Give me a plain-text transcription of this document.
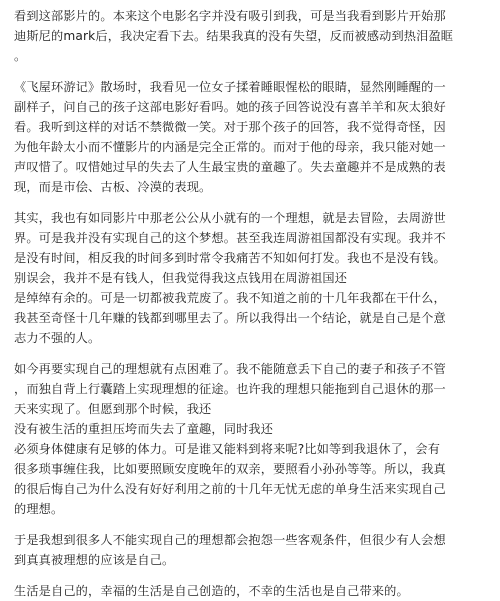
看到这部影片的。本来这个电影名字并没有吸引到我，可是当我看到影片开始那
迪斯尼的mark后，我决定看下去。结果我真的没有失望，反而被感动到热泪盈眶
。
《飞屋环游记》散场时，我看见一位女子揉着睡眼惺松的眼睛，显然刚睡醒的一
副样子，问自己的孩子这部电影好看吗。她的孩子回答说没有喜羊羊和灰太狼好
看。我听到这样的对话不禁微微一笑。对于那个孩子的回答，我不觉得奇怪，因
为他年龄太小而不懂影片的内涵是完全正常的。而对于他的母亲，我只能对她一
声叹惜了。叹惜她过早的失去了人生最宝贵的童趣了。失去童趣并不是成熟的表
现，而是市侩、古板、冷漠的表现。
其实，我也有如同影片中那老公公从小就有的一个理想，就是去冒险，去周游世
界。可是我并没有实现自己的这个梦想。甚至我连周游祖国都没有实现。我并不
是没有时间，相反我的时间多到时常令我痛苦不知如何打发。我也不是没有钱。
别误会，我并不是有钱人，但我觉得我这点钱用在周游祖国还
是绰绰有余的。可是一切都被我荒废了。我不知道之前的十几年我都在干什么，
我甚至奇怪十几年赚的钱都到哪里去了。所以我得出一个结论，就是自己是个意
志力不强的人。
如今再要实现自己的理想就有点困难了。我不能随意丢下自己的妻子和孩子不管
，而独自背上行囊踏上实现理想的征途。也许我的理想只能拖到自己退休的那一
天来实现了。但愿到那个时候，我还
没有被生活的重担压垮而失去了童趣，同时我还
必须身体健康有足够的体力。可是谁又能料到将来呢?比如等到我退休了，会有
很多琐事缠住我，比如要照顾安度晚年的双亲，要照看小孙孙等等。所以，我真
的很后悔自己为什么没有好好利用之前的十几年无忧无虑的单身生活来实现自己
的理想。
于是我想到很多人不能实现自己的理想都会抱怨一些客观条件，但很少有人会想
到真真被理想的应该是自己。
生活是自己的，幸福的生活是自己创造的，不幸的生活也是自己带来的。
